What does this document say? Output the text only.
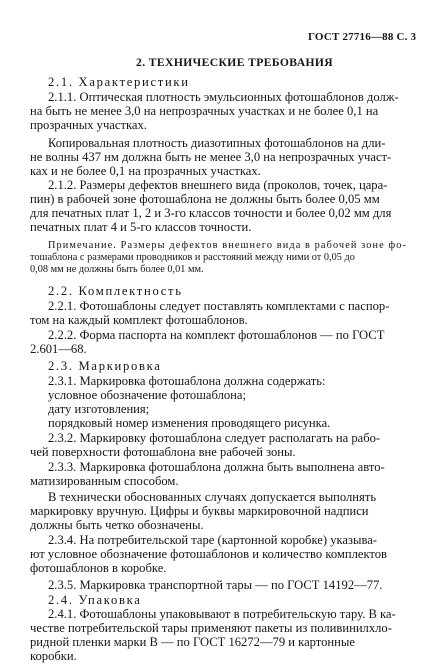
ГОСТ 27716—88 С. 3
2. ТЕХНИЧЕСКИЕ ТРЕБОВАНИЯ
2.1. Характеристики
2.1.1. Оптическая плотность эмульсионных фотошаблонов долж-
на быть не менее 3,0 на непрозрачных участках и не более 0,1 на
прозрачных участках.
Копировальная плотность диазотипных фотошаблонов на дли-
не волны 437 нм должна быть не менее 3,0 на непрозрачных участ-
ках и не более 0,1 на прозрачных участках.
2.1.2. Размеры дефектов внешнего вида (проколов, точек, цара-
пин) в рабочей зоне фотошаблона не должны быть более 0,05 мм
для печатных плат 1, 2 и 3-го классов точности и более 0,02 мм для
печатных плат 4 и 5-го классов точности.
Примечание. Размеры дефектов внешнего вида в рабочей зоне фо-
тошаблона с размерами проводников и расстояний между ними от 0,05 до
0,08 мм не должны быть более 0,01 мм.
2.2. Комплектность
2.2.1. Фотошаблоны следует поставлять комплектами с паспор-
том на каждый комплект фотошаблонов.
2.2.2. Форма паспорта на комплект фотошаблонов — по ГОСТ
2.601—68.
2.3. Маркировка
2.3.1. Маркировка фотошаблона должна содержать:
условное обозначение фотошаблона;
дату изготовления;
порядковый номер изменения проводящего рисунка.
2.3.2. Маркировку фотошаблона следует располагать на рабо-
чей поверхности фотошаблона вне рабочей зоны.
2.3.3. Маркировка фотошаблона должна быть выполнена авто-
матизированным способом.
В технически обоснованных случаях допускается выполнять
маркировку вручную. Цифры и буквы маркировочной надписи
должны быть четко обозначены.
2.3.4. На потребительской таре (картонной коробке) указыва-
ют условное обозначение фотошаблонов и количество комплектов
фотошаблонов в коробке.
2.3.5. Маркировка транспортной тары — по ГОСТ 14192—77.
2.4. Упаковка
2.4.1. Фотошаблоны упаковывают в потребительскую тару. В ка-
честве потребительской тары применяют пакеты из поливинилхло-
ридной пленки марки В — по ГОСТ 16272—79 и картонные
коробки.
